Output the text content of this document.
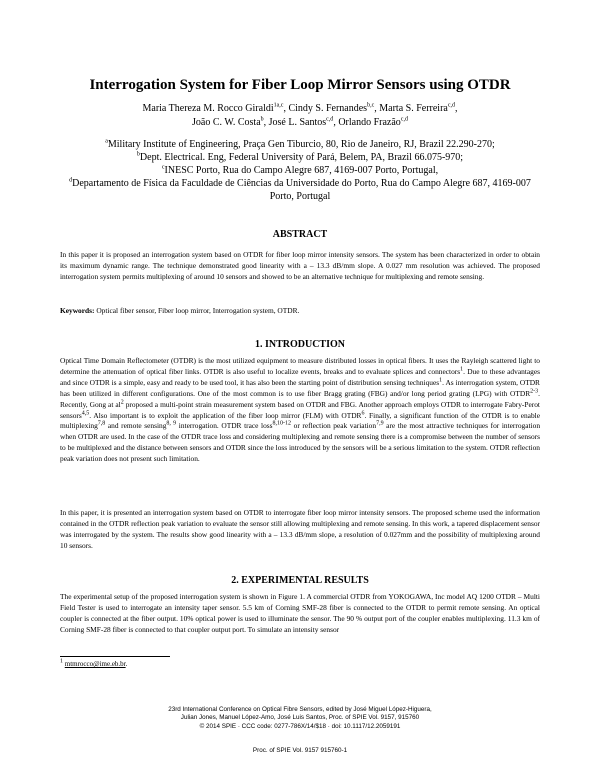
Interrogation System for Fiber Loop Mirror Sensors using OTDR
Maria Thereza M. Rocco Giraldi$^{1a,c}$, Cindy S. Fernandes$^{b,c}$, Marta S. Ferreira$^{c,d}$,
João C. W. Costa$^b$, José L. Santos$^{c,d}$, Orlando Frazão$^{c,d}$
$^a$Military Institute of Engineering, Praça Gen Tiburcio, 80, Rio de Janeiro, RJ, Brazil 22.290-270;
$^b$Dept. Electrical. Eng, Federal University of Pará, Belem, PA, Brazil 66.075-970;
$^c$INESC Porto, Rua do Campo Alegre 687, 4169-007 Porto, Portugal,
$^d$Departamento de Física da Faculdade de Ciências da Universidade do Porto, Rua do Campo Alegre 687, 4169-007 Porto, Portugal
ABSTRACT

In this paper it is proposed an interrogation system based on OTDR for fiber loop mirror intensity sensors. The system has been characterized in order to obtain its maximum dynamic range. The technique demonstrated good linearity with a – 13.3 dB/mm slope. A 0.027 mm resolution was achieved. The proposed interrogation system permits multiplexing of around 10 sensors and showed to be an alternative technique for multiplexing and remote sensing.

Keywords: Optical fiber sensor, Fiber loop mirror, Interrogation system, OTDR.

1. INTRODUCTION

Optical Time Domain Reflectometer (OTDR) is the most utilized equipment to measure distributed losses in optical fibers. It uses the Rayleigh scattered light to determine the attenuation of optical fiber links. OTDR is also useful to localize events, breaks and to evaluate splices and connectors$^1$. Due to these advantages and since OTDR is a simple, easy and ready to be used tool, it has also been the starting point of distribution sensing techniques$^1$. As interrogation system, OTDR has been utilized in different configurations. One of the most common is to use fiber Bragg grating (FBG) and/or long period grating (LPG) with OTDR$^{2-3}$. Recently, Gong at $al^2$ proposed a multi-point strain measurement system based on OTDR and FBG. Another approach employs OTDR to interrogate Fabry-Perot sensors$^{4,5}$. Also important is to exploit the application of the fiber loop mirror (FLM) with OTDR$^6$. Finally, a significant function of the OTDR is to enable multiplexing$^{7,8}$ and remote sensing$^{8, 9}$ interrogation. OTDR trace loss$^{8,10-12}$ or reflection peak variation$^{7,9}$ are the most attractive techniques for interrogation when OTDR are used. In the case of the OTDR trace loss and considering multiplexing and remote sensing there is a compromise between the number of sensors to be multiplexed and the distance between sensors and OTDR since the loss introduced by the sensors will be a serious limitation to the system. OTDR reflection peak variation does not present such limitation.

In this paper, it is presented an interrogation system based on OTDR to interrogate fiber loop mirror intensity sensors. The proposed scheme used the information contained in the OTDR reflection peak variation to evaluate the sensor still allowing multiplexing and remote sensing. In this work, a tapered displacement sensor was interrogated by the system. The results show good linearity with a – 13.3 dB/mm slope, a resolution of 0.027mm and the possibility of multiplexing around 10 sensors.

2. EXPERIMENTAL RESULTS

The experimental setup of the proposed interrogation system is shown in Figure 1. A commercial OTDR from YOKOGAWA, Inc model AQ 1200 OTDR – Multi Field Tester is used to interrogate an intensity taper sensor. 5.5 km of Corning SMF-28 fiber is connected to the OTDR to permit remote sensing. An optical coupler is connected at the fiber output. 10% optical power is used to illuminate the sensor. The 90 % output port of the coupler enables multiplexing. 11.3 km of Corning SMF-28 fiber is connected to that coupler output port. To simulate an intensity sensor

$^1$ mtmrocco@ime.eb.br.
23rd International Conference on Optical Fibre Sensors, edited by José Miguel López-Higuera,
Julian Jones, Manuel López-Amo, José Luis Santos, Proc. of SPIE Vol. 9157, 915760
© 2014 SPIE · CCC code: 0277-786X/14/$18 · doi: 10.1117/12.2059191
Proc. of SPIE Vol. 9157 915760-1
